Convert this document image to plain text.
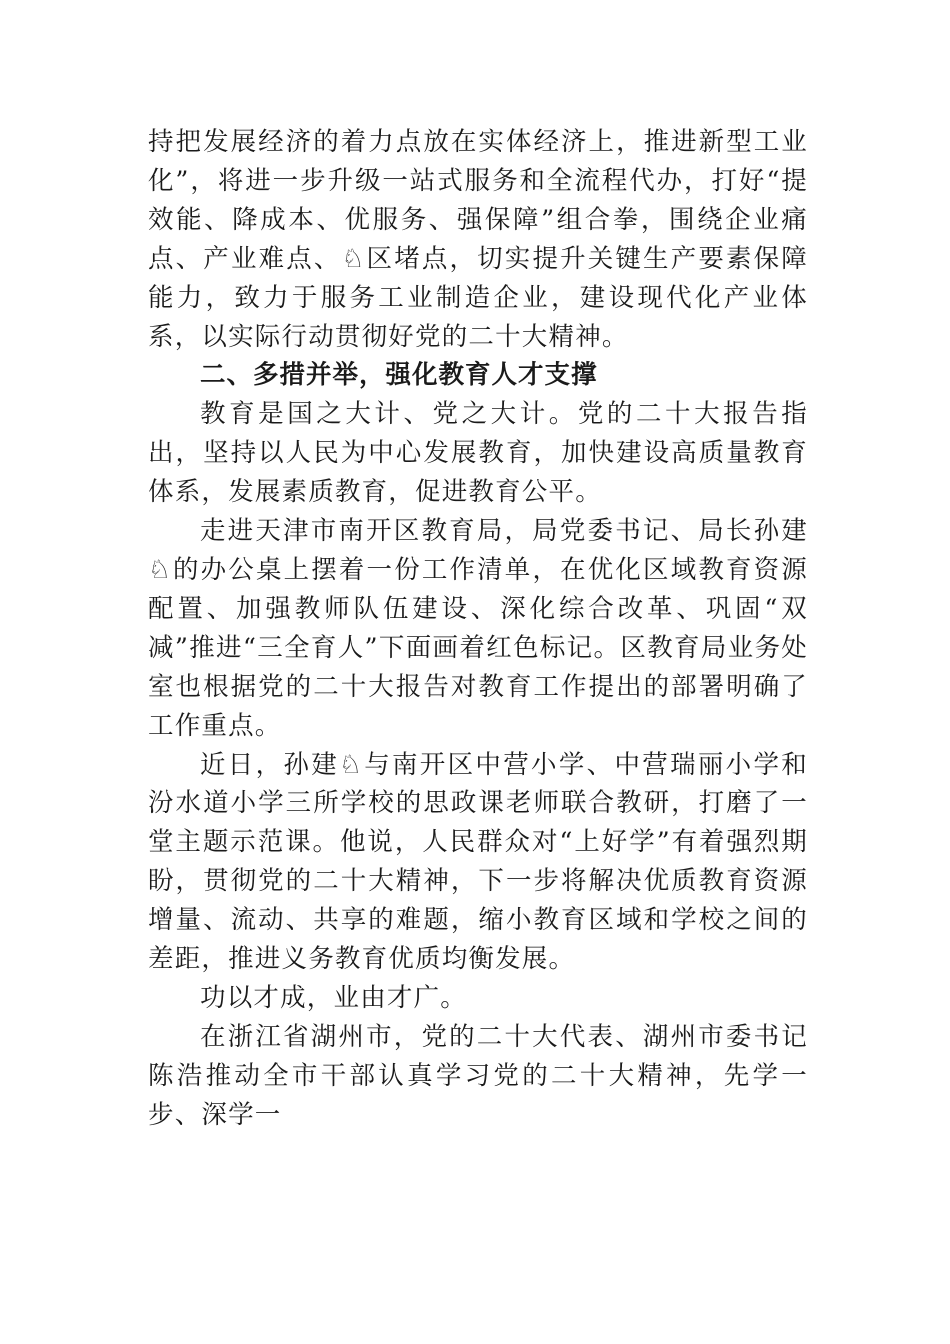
持把发展经济的着力点放在实体经济上，推进新型工业化”，将进一步升级一站式服务和全流程代办，打好“提效能、降成本、优服务、强保障”组合拳，围绕企业痛点、产业难点、♘区堵点，切实提升关键生产要素保障能力，致力于服务工业制造企业，建设现代化产业体系，以实际行动贯彻好党的二十大精神。

二、多措并举，强化教育人才支撑

教育是国之大计、党之大计。党的二十大报告指出，坚持以人民为中心发展教育，加快建设高质量教育体系，发展素质教育，促进教育公平。

走进天津市南开区教育局，局党委书记、局长孙建♘的办公桌上摆着一份工作清单，在优化区域教育资源配置、加强教师队伍建设、深化综合改革、巩固“双减”推进“三全育人”下面画着红色标记。区教育局业务处室也根据党的二十大报告对教育工作提出的部署明确了工作重点。

近日，孙建♘与南开区中营小学、中营瑞丽小学和汾水道小学三所学校的思政课老师联合教研，打磨了一堂主题示范课。他说，人民群众对“上好学”有着强烈期盼，贯彻党的二十大精神，下一步将解决优质教育资源增量、流动、共享的难题，缩小教育区域和学校之间的差距，推进义务教育优质均衡发展。

功以才成，业由才广。

在浙江省湖州市，党的二十大代表、湖州市委书记陈浩推动全市干部认真学习党的二十大精神，先学一步、深学一
